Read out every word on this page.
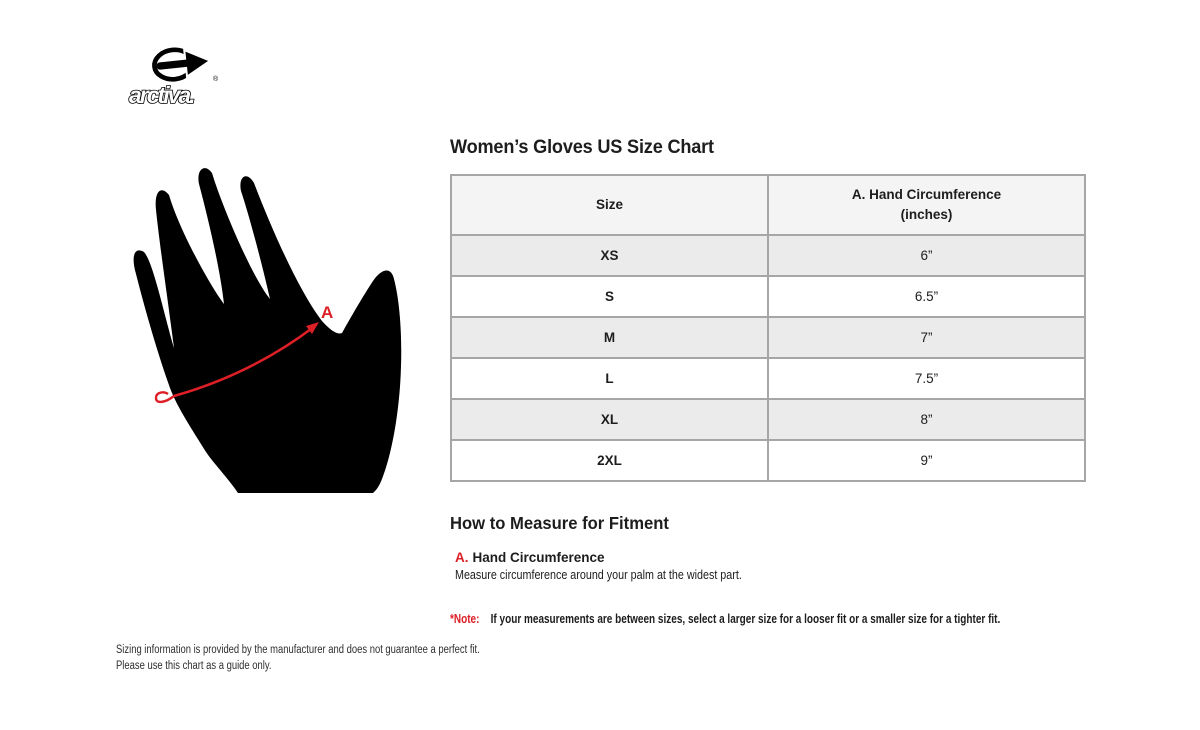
arctiva.
®
A
Women’s Gloves US Size Chart
Size	A. Hand Circumference
(inches)

XS	6”
S	6.5”
M	7”
L	7.5”
XL	8”
2XL	9”
How to Measure for Fitment
A. Hand Circumference
Measure circumference around your palm at the widest part.
*Note: If your measurements are between sizes, select a larger size for a looser fit or a smaller size for a tighter fit.
Sizing information is provided by the manufacturer and does not guarantee a perfect fit.
Please use this chart as a guide only.
